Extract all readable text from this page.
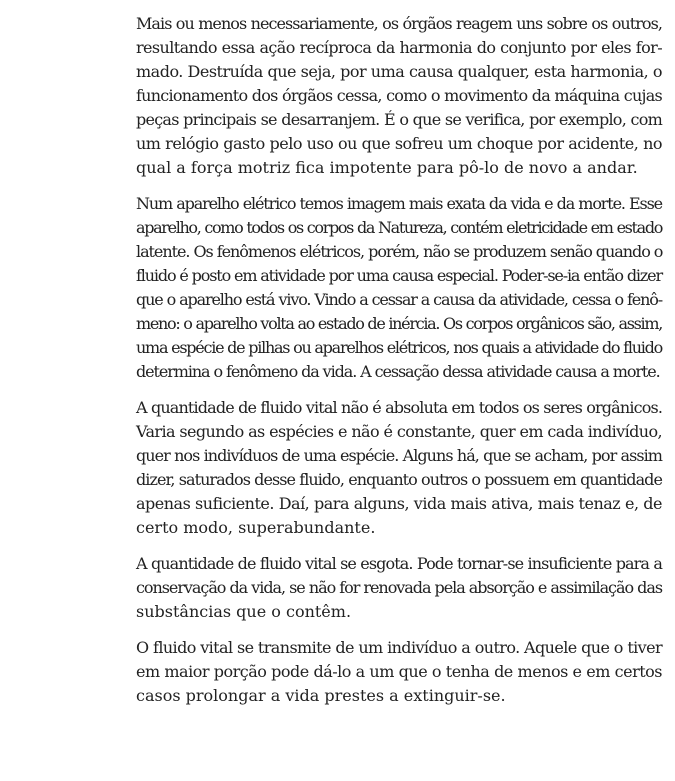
Mais ou menos necessariamente, os órgãos reagem uns sobre os outros,
resultando essa ação recíproca da harmonia do conjunto por eles for-
mado. Destruída que seja, por uma causa qualquer, esta harmonia, o
funcionamento dos órgãos cessa, como o movimento da máquina cujas
peças principais se desarranjem. É o que se verifica, por exemplo, com
um relógio gasto pelo uso ou que sofreu um choque por acidente, no
qual a força motriz fica impotente para pô-lo de novo a andar.

Num aparelho elétrico temos imagem mais exata da vida e da morte. Esse
aparelho, como todos os corpos da Natureza, contém eletricidade em estado
latente. Os fenômenos elétricos, porém, não se produzem senão quando o
fluido é posto em atividade por uma causa especial. Poder-se-ia então dizer
que o aparelho está vivo. Vindo a cessar a causa da atividade, cessa o fenô-
meno: o aparelho volta ao estado de inércia. Os corpos orgânicos são, assim,
uma espécie de pilhas ou aparelhos elétricos, nos quais a atividade do fluido
determina o fenômeno da vida. A cessação dessa atividade causa a morte.

A quantidade de fluido vital não é absoluta em todos os seres orgânicos.
Varia segundo as espécies e não é constante, quer em cada indivíduo,
quer nos indivíduos de uma espécie. Alguns há, que se acham, por assim
dizer, saturados desse fluido, enquanto outros o possuem em quantidade
apenas suficiente. Daí, para alguns, vida mais ativa, mais tenaz e, de
certo modo, superabundante.

A quantidade de fluido vital se esgota. Pode tornar-se insuficiente para a
conservação da vida, se não for renovada pela absorção e assimilação das
substâncias que o contêm.

O fluido vital se transmite de um indivíduo a outro. Aquele que o tiver
em maior porção pode dá-lo a um que o tenha de menos e em certos
casos prolongar a vida prestes a extinguir-se.
